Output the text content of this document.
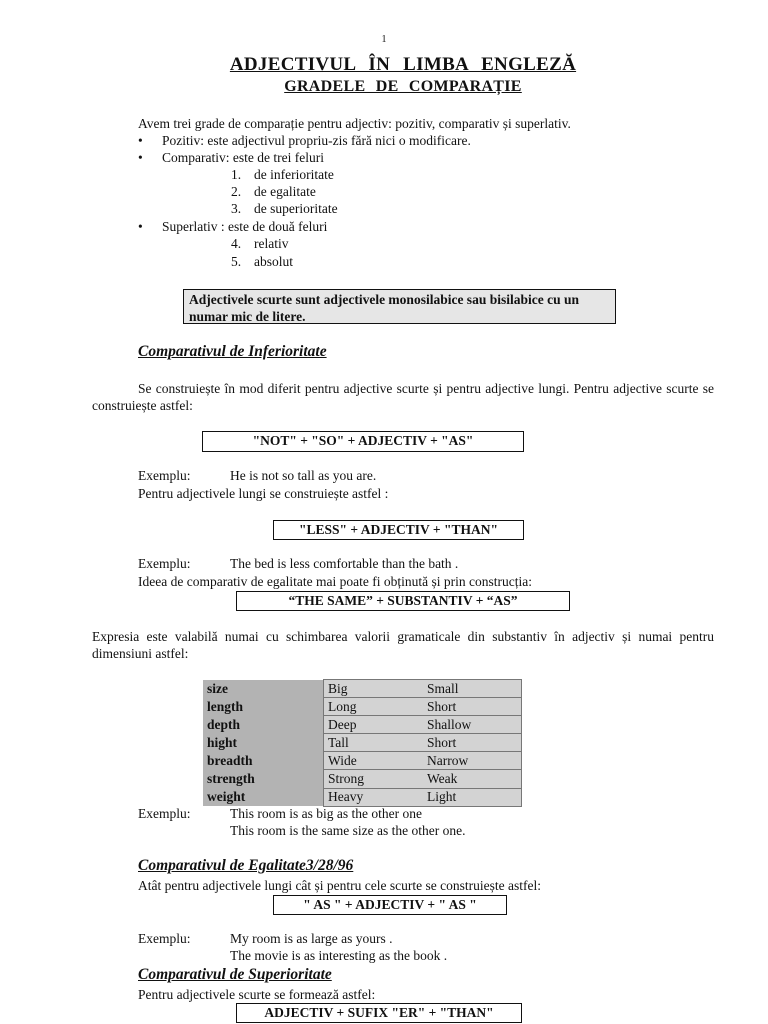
1
ADJECTIVUL ÎN LIMBA ENGLEZĂ
GRADELE DE COMPARAȚIE
Avem trei grade de comparație pentru adjectiv: pozitiv, comparativ și superlativ.
• Pozitiv: este adjectivul propriu-zis fără nici o modificare.
• Comparativ: este de trei feluri
1. de inferioritate
2. de egalitate
3. de superioritate
• Superlativ : este de două feluri
4. relativ
5. absolut
Adjectivele scurte sunt adjectivele monosilabice sau bisilabice cu un numar mic de litere.
Comparativul de Inferioritate
Se construiește în mod diferit pentru adjective scurte și pentru adjective lungi. Pentru adjective scurte se construiește astfel:
"NOT" + "SO" + ADJECTIV + "AS"
Exemplu:	He is not so tall as you are.
Pentru adjectivele lungi se construiește astfel :
"LESS" + ADJECTIV + "THAN"
Exemplu:	The bed is less comfortable than the bath .
Ideea de comparativ de egalitate mai poate fi obținută și prin construcția:
“THE SAME” + SUBSTANTIV + “AS”
Expresia este valabilă numai cu schimbarea valorii gramaticale din substantiv în adjectiv și numai pentru dimensiuni astfel:
size	Big	Small
length	Long	Short
depth	Deep	Shallow
hight	Tall	Short
breadth	Wide	Narrow
strength	Strong	Weak
weight	Heavy	Light
Exemplu:	This room is as big as the other one
This room is the same size as the other one.
Comparativul de Egalitate3/28/96
Atât pentru adjectivele lungi cât și pentru cele scurte se construiește astfel:
" AS " + ADJECTIV + " AS "
Exemplu:	My room is as large as yours .
The movie is as interesting as the book .
Comparativul de Superioritate
Pentru adjectivele scurte se formează astfel:
ADJECTIV + SUFIX "ER" + "THAN"
